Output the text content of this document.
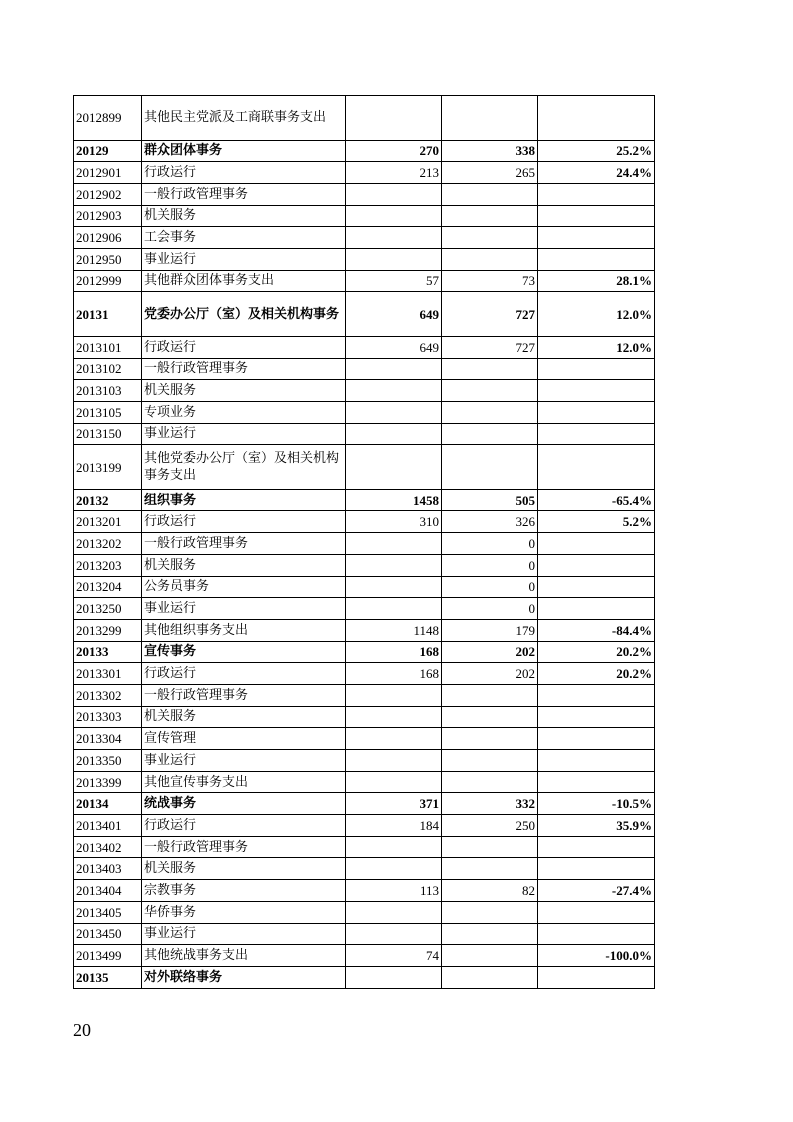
2012899	其他民主党派及工商联事务支出			
20129	群众团体事务	270	338	25.2%
2012901	行政运行	213	265	24.4%
2012902	一般行政管理事务			
2012903	机关服务			
2012906	工会事务			
2012950	事业运行			
2012999	其他群众团体事务支出	57	73	28.1%
20131	党委办公厅（室）及相关机构事务	649	727	12.0%
2013101	行政运行	649	727	12.0%
2013102	一般行政管理事务			
2013103	机关服务			
2013105	专项业务			
2013150	事业运行			
2013199	其他党委办公厅（室）及相关机构事务支出			
20132	组织事务	1458	505	-65.4%
2013201	行政运行	310	326	5.2%
2013202	一般行政管理事务		0	
2013203	机关服务		0	
2013204	公务员事务		0	
2013250	事业运行		0	
2013299	其他组织事务支出	1148	179	-84.4%
20133	宣传事务	168	202	20.2%
2013301	行政运行	168	202	20.2%
2013302	一般行政管理事务			
2013303	机关服务			
2013304	宣传管理			
2013350	事业运行			
2013399	其他宣传事务支出			
20134	统战事务	371	332	-10.5%
2013401	行政运行	184	250	35.9%
2013402	一般行政管理事务			
2013403	机关服务			
2013404	宗教事务	113	82	-27.4%
2013405	华侨事务			
2013450	事业运行			
2013499	其他统战事务支出	74		-100.0%
20135	对外联络事务			
20
